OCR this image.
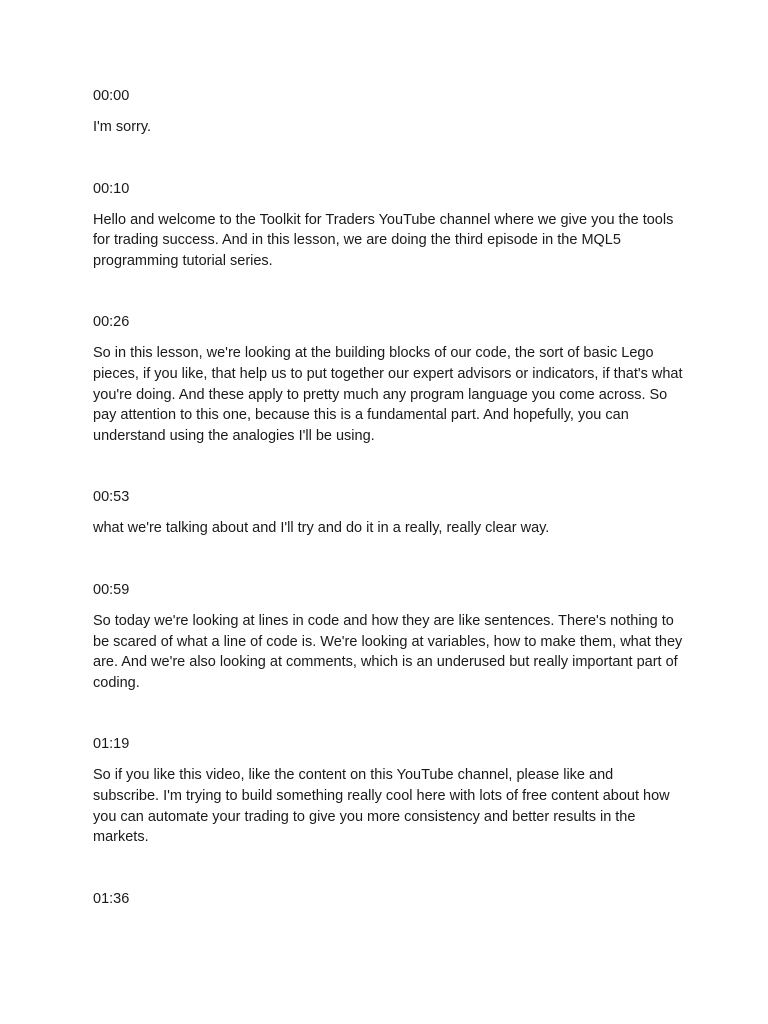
00:00

I'm sorry.

00:10

Hello and welcome to the Toolkit for Traders YouTube channel where we give you the tools for trading success. And in this lesson, we are doing the third episode in the MQL5 programming tutorial series.

00:26

So in this lesson, we're looking at the building blocks of our code, the sort of basic Lego pieces, if you like, that help us to put together our expert advisors or indicators, if that's what you're doing. And these apply to pretty much any program language you come across. So pay attention to this one, because this is a fundamental part. And hopefully, you can understand using the analogies I'll be using.

00:53

what we're talking about and I'll try and do it in a really, really clear way.

00:59

So today we're looking at lines in code and how they are like sentences. There's nothing to be scared of what a line of code is. We're looking at variables, how to make them, what they are. And we're also looking at comments, which is an underused but really important part of coding.

01:19

So if you like this video, like the content on this YouTube channel, please like and subscribe. I'm trying to build something really cool here with lots of free content about how you can automate your trading to give you more consistency and better results in the markets.

01:36
